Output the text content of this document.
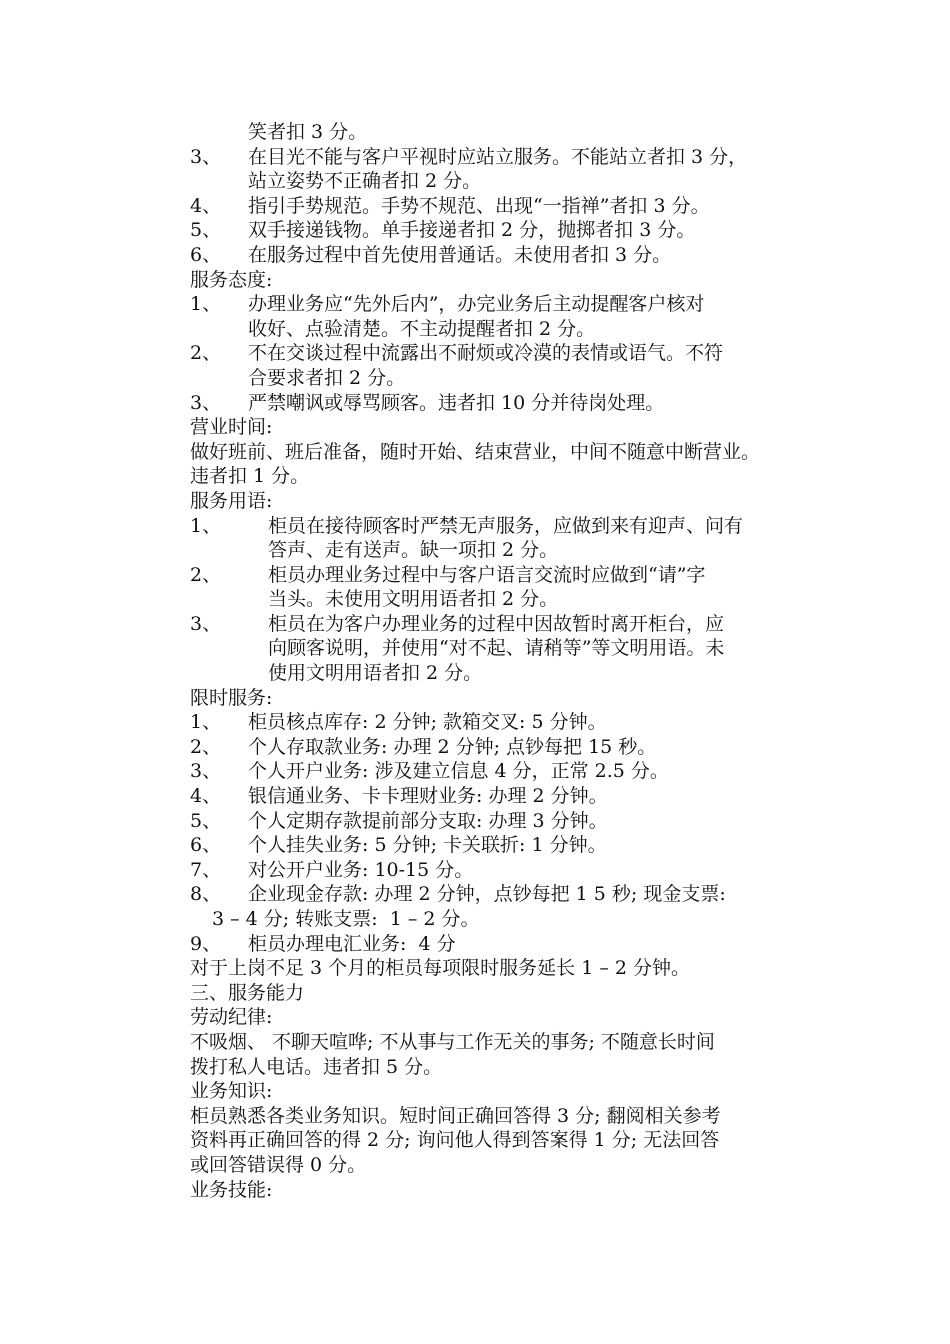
笑者扣 3 分。
3、	在目光不能与客户平视时应站立服务。不能站立者扣 3 分，
站立姿势不正确者扣 2 分。
4、	指引手势规范。手势不规范、出现“一指禅”者扣 3 分。
5、	双手接递钱物。单手接递者扣 2 分，抛掷者扣 3 分。
6、	在服务过程中首先使用普通话。未使用者扣 3 分。
服务态度:
1、	办理业务应“先外后内”，办完业务后主动提醒客户核对
收好、点验清楚。不主动提醒者扣 2 分。
2、	不在交谈过程中流露出不耐烦或冷漠的表情或语气。不符
合要求者扣 2 分。
3、	严禁嘲讽或辱骂顾客。违者扣 10 分并待岗处理。
营业时间:
做好班前、班后准备，随时开始、结束营业，中间不随意中断营业。
违者扣 1 分。
服务用语:
1、	柜员在接待顾客时严禁无声服务，应做到来有迎声、问有
答声、走有送声。缺一项扣 2 分。
2、	柜员办理业务过程中与客户语言交流时应做到“请”字
当头。未使用文明用语者扣 2 分。
3、	柜员在为客户办理业务的过程中因故暂时离开柜台，应
向顾客说明，并使用“对不起、请稍等”等文明用语。未
使用文明用语者扣 2 分。
限时服务:
1、	柜员核点库存: 2 分钟; 款箱交叉: 5 分钟。
2、	个人存取款业务: 办理 2 分钟; 点钞每把 15 秒。
3、	个人开户业务: 涉及建立信息 4 分，正常 2.5 分。
4、	银信通业务、卡卡理财业务: 办理 2 分钟。
5、	个人定期存款提前部分支取: 办理 3 分钟。
6、	个人挂失业务: 5 分钟; 卡关联折: 1 分钟。
7、	对公开户业务: 10-15 分。
8、	企业现金存款: 办理 2 分钟，点钞每把 1 5 秒; 现金支票:
3 – 4 分; 转账支票:  1 – 2 分。
9、	柜员办理电汇业务:  4 分
对于上岗不足 3 个月的柜员每项限时服务延长 1 – 2 分钟。
三、服务能力
劳动纪律:
不吸烟、 不聊天喧哗; 不从事与工作无关的事务; 不随意长时间
拨打私人电话。违者扣 5 分。
业务知识:
柜员熟悉各类业务知识。短时间正确回答得 3 分; 翻阅相关参考
资料再正确回答的得 2 分; 询问他人得到答案得 1 分; 无法回答
或回答错误得 0 分。
业务技能:
